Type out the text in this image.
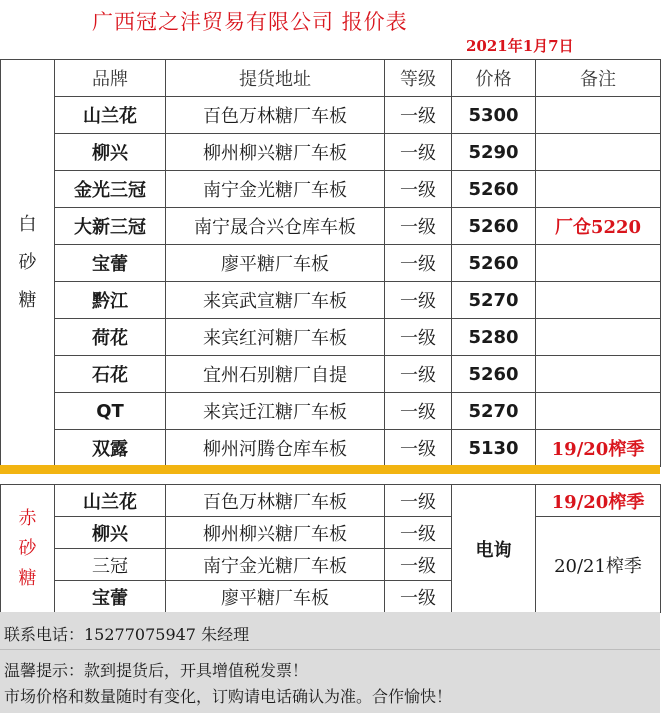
广西冠之沣贸易有限公司 报价表
2021年1月7日
白
砂
糖	品牌	提货地址	等级	价格	备注
	山兰花	百色万林糖厂车板	一级	5300	
	柳兴	柳州柳兴糖厂车板	一级	5290	
	金光三冠	南宁金光糖厂车板	一级	5260	
	大新三冠	南宁晟合兴仓库车板	一级	5260	厂仓5220
	宝蕾	廖平糖厂车板	一级	5260	
	黔江	来宾武宣糖厂车板	一级	5270	
	荷花	来宾红河糖厂车板	一级	5280	
	石花	宜州石别糖厂自提	一级	5260	
	QT	来宾迁江糖厂车板	一级	5270	
	双露	柳州河腾仓库车板	一级	5130	19/20榨季
赤
砂
糖	山兰花	百色万林糖厂车板	一级	电询	19/20榨季
	柳兴	柳州柳兴糖厂车板	一级		20/21榨季
	三冠	南宁金光糖厂车板	一级		
	宝蕾	廖平糖厂车板	一级		
联系电话：15277075947 朱经理
温馨提示：款到提货后，开具增值税发票！
市场价格和数量随时有变化，订购请电话确认为准。合作愉快！
